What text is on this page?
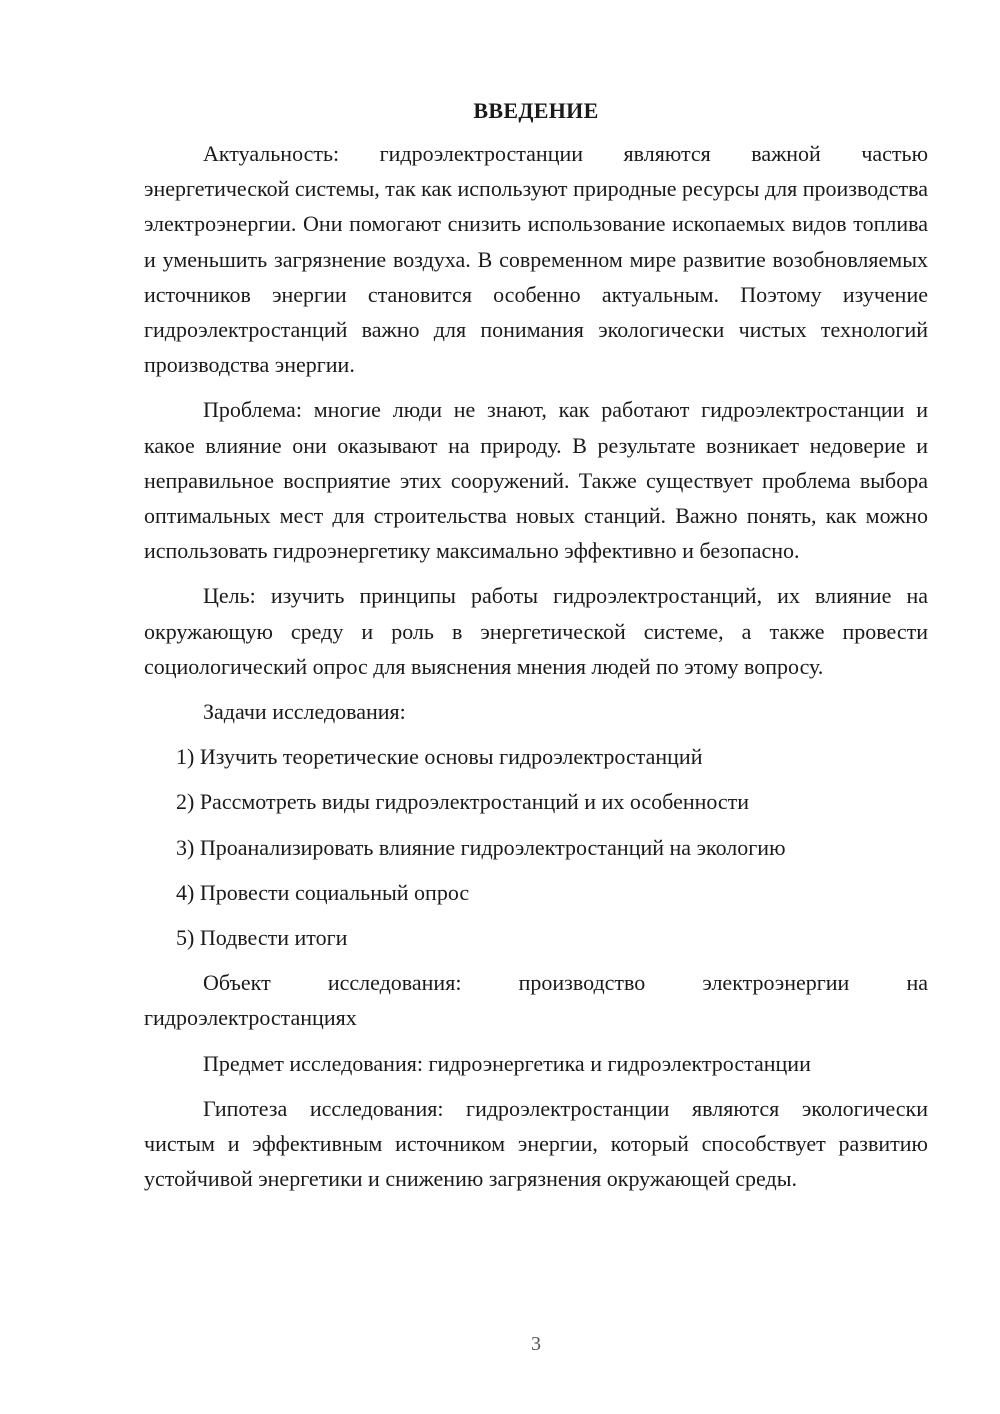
ВВЕДЕНИЕ

Актуальность: гидроэлектростанции являются важной частью энергетической системы, так как используют природные ресурсы для производства электроэнергии. Они помогают снизить использование ископаемых видов топлива и уменьшить загрязнение воздуха. В современном мире развитие возобновляемых источников энергии становится особенно актуальным. Поэтому изучение гидроэлектростанций важно для понимания экологически чистых технологий производства энергии.

Проблема: многие люди не знают, как работают гидроэлектростанции и какое влияние они оказывают на природу. В результате возникает недоверие и неправильное восприятие этих сооружений. Также существует проблема выбора оптимальных мест для строительства новых станций. Важно понять, как можно использовать гидроэнергетику максимально эффективно и безопасно.

Цель: изучить принципы работы гидроэлектростанций, их влияние на окружающую среду и роль в энергетической системе, а также провести социологический опрос для выяснения мнения людей по этому вопросу.

Задачи исследования:

1) Изучить теоретические основы гидроэлектростанций
2) Рассмотреть виды гидроэлектростанций и их особенности
3) Проанализировать влияние гидроэлектростанций на экологию
4) Провести социальный опрос
5) Подвести итоги

Объект исследования: производство электроэнергии на гидроэлектростанциях

Предмет исследования: гидроэнергетика и гидроэлектростанции

Гипотеза исследования: гидроэлектростанции являются экологически чистым и эффективным источником энергии, который способствует развитию устойчивой энергетики и снижению загрязнения окружающей среды.

3
